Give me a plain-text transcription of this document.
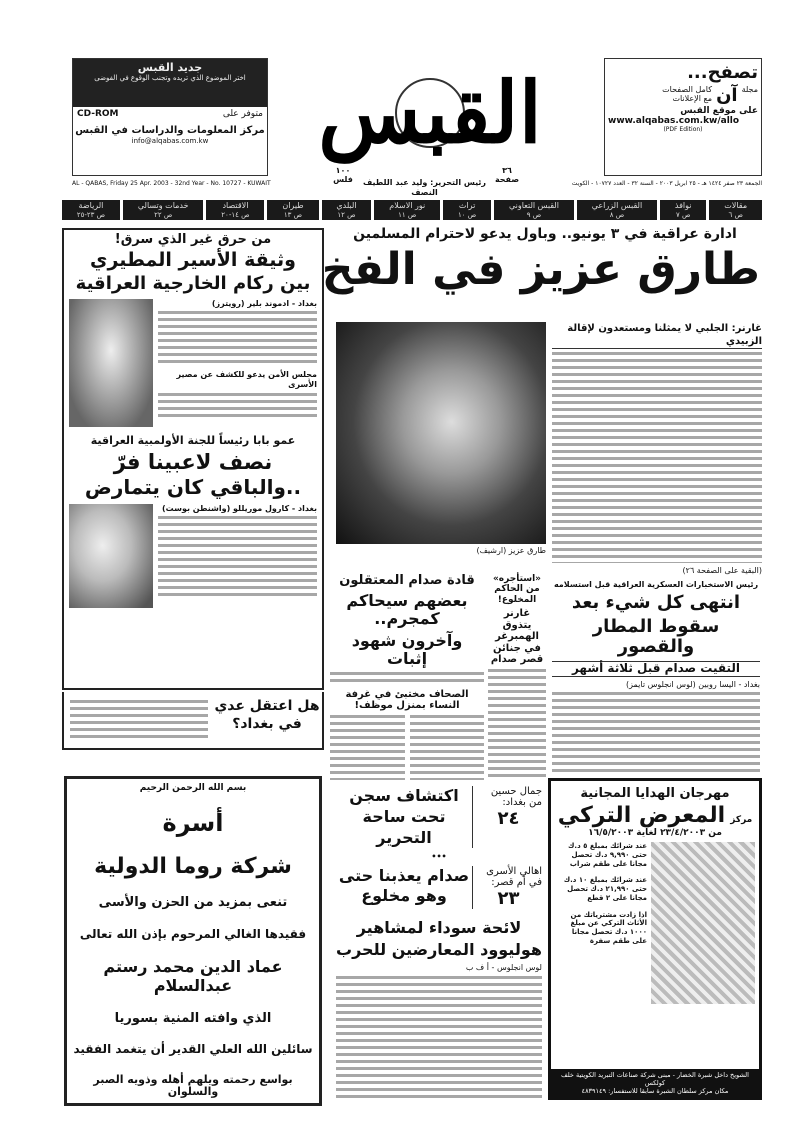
جديد القبس
اختر الموضوع الذي تريده وتجنب الوقوع في الفوضى
متوفر على
CD-ROM
مركز المعلومات والدراسات في القبس
info@alqabas.com.kw	القبس
١٠٠
فلس
٣٦
صفحة
رئيس التحرير: وليد عبد اللطيف النصف
تصفح...
مجلة
آن
كامل الصفحات مع الإعلانات
على موقع القبس
www.alqabas.com.kw/allo
(PDF Edition)
AL - QABAS, Friday 25 Apr. 2003 - 32nd Year - No. 10727 - KUWAIT	الجمعة ٢٣ صفر ١٤٢٤ هـ - ٢٥ ابريل ٢٠٠٣ - السنة ٣٢ - العدد ١٠٧٢٧ - الكويت
مقالات
ص ٦
نوافذ
ص ٧
القبس الزراعي
ص ٨
القبس التعاوني
ص ٩
تراث
ص ١٠
نور الاسلام
ص ١١
البلدي
ص ١٢
طيران
ص ١٣
الاقتصاد
ص ١٤-٢٠
خدمات وتسالي
ص ٢٢
الرياضة
ص ٢٣-٢٥
ادارة عراقية في ٣ يونيو.. وباول يدعو لاحترام المسلمين
طارق عزيز في الفخ
طارق عزيز (ارشيف)
غارنر: الجلبي لا يمثلنا ومستعدون لإقالة الزبيدي
(البقية على الصفحة ٢٦)
من حرق غير الذي سرق!
وثيقة الأسير المطيري
بين ركام الخارجية العراقية
بغداد - ادموند بلير (رويترز)
مجلس الأمن يدعو للكشف عن مصير الأسرى
عمو بابا رئيساً للجنة الأولمبية العراقية
نصف لاعبينا فرّ
..والباقي كان يتمارض
بغداد - كارول موريللو (واشنطن بوست)
هل اعتقل عدي
في بغداد؟
بسم الله الرحمن الرحيم
أسرة
شركة روما الدولية
تنعى بمزيد من الحزن والأسى
فقيدها الغالي المرحوم بإذن الله تعالى
عماد الدين محمد رستم عبدالسلام
الذي وافته المنية بسوريا
سائلين الله العلي القدير أن يتغمد الفقيد
بواسع رحمته ويلهم أهله وذويه الصبر والسلوان
قادة صدام المعتقلون
بعضهم سيحاكم كمجرم..
وآخرون شهود إثبات
الصحاف مختبئ في غرفة النساء بمنزل موظف!
«استأجره» من الحاكم المخلوع!
غارنر يتذوق الهمبرغر في جنائن قصر صدام
رئيس الاستخبارات العسكرية العراقية قبل استسلامه
انتهى كل شيء بعد
سقوط المطار والقصور
التقيت صدام قبل ثلاثة أشهر
بغداد - اليسا روبين (لوس انجلوس تايمز)
جمال حسين من بغداد:
٢٤
اكتشاف سجن تحت ساحة التحرير
•••
اهالي الأسرى في أم قصر:
٢٣
صدام يعذبنا حتى وهو مخلوع
لائحة سوداء لمشاهير
هوليوود المعارضين للحرب
لوس انجلوس - أ ف ب
مهرجان الهدايا المجانية
مركز المعرض التركي
من ٢٣/٤/٢٠٠٣ لغاية ١٦/٥/٢٠٠٣
عند شرائك بمبلغ ٥ د.ك حتى ٩,٩٩٠ د.ك تحصل مجانا على طقم شراب
عند شرائك بمبلغ ١٠ د.ك حتى ٢١,٩٩٠ د.ك تحصل مجانا على ٢ قطع
اذا زادت مشترياتك من الأثاث التركي عن مبلغ ١٠٠٠ د.ك تحصل مجانا على طقم سفرة
الشويخ داخل شبرة الخضار - مبنى شركة صناعات التبريد الكويتية خلف كولكس
مكان مركز سلطان الشبرة سابقا للاستفسار: ٤٨٣٩١٤٩
